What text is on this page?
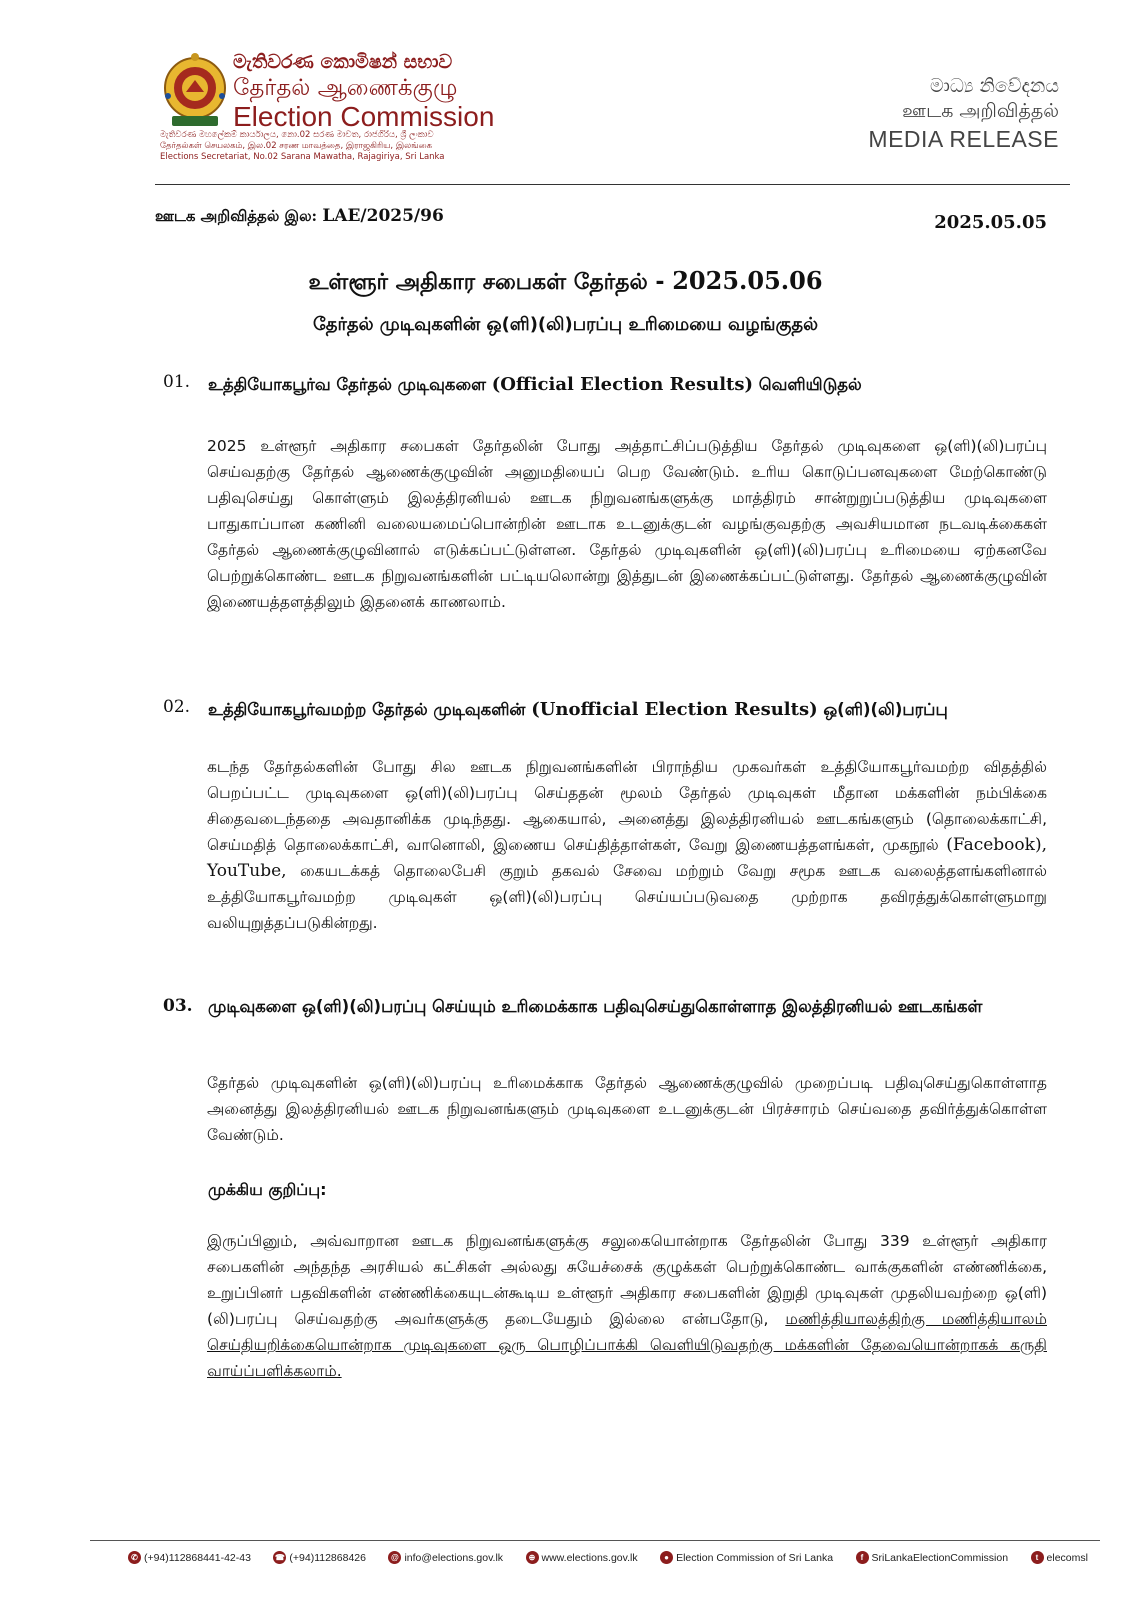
මැතිවරණ කොමිෂන් සභාව
தேர்தல் ஆணைக்குழு
Election Commission
මැතිවරණ මහලේකම් කාර්යාලය, නො.02 සරණ මාවත, රාජගිරිය, ශ්‍රී ලංකාව
தேர்தல்கள் செயலகம், இல.02 சரண மாவத்தை, இராஜகிரிய, இலங்கை
Elections Secretariat, No.02 Sarana Mawatha, Rajagiriya, Sri Lanka
මාධ්‍ය නිවේදනය
ஊடக அறிவித்தல்
MEDIA RELEASE
ஊடக அறிவித்தல் இல: LAE/2025/96	2025.05.05
உள்ளூர் அதிகார சபைகள் தேர்தல் - 2025.05.06
தேர்தல் முடிவுகளின் ஒ(ளி)(லி)பரப்பு உரிமையை வழங்குதல்
01. உத்தியோகபூர்வ தேர்தல் முடிவுகளை (Official Election Results) வெளியிடுதல்

2025 உள்ளூர் அதிகார சபைகள் தேர்தலின் போது அத்தாட்சிப்படுத்திய தேர்தல் முடிவுகளை ஒ(ளி)(லி)பரப்பு செய்வதற்கு தேர்தல் ஆணைக்குழுவின் அனுமதியைப் பெற வேண்டும். உரிய கொடுப்பனவுகளை மேற்கொண்டு பதிவுசெய்து கொள்ளும் இலத்திரனியல் ஊடக நிறுவனங்களுக்கு மாத்திரம் சான்றுறுப்படுத்திய முடிவுகளை பாதுகாப்பான கணினி வலையமைப்பொன்றின் ஊடாக உடனுக்குடன் வழங்குவதற்கு அவசியமான நடவடிக்கைகள் தேர்தல் ஆணைக்குழுவினால் எடுக்கப்பட்டுள்ளன. தேர்தல் முடிவுகளின் ஒ(ளி)(லி)பரப்பு உரிமையை ஏற்கனவே பெற்றுக்கொண்ட ஊடக நிறுவனங்களின் பட்டியலொன்று இத்துடன் இணைக்கப்பட்டுள்ளது. தேர்தல் ஆணைக்குழுவின் இணையத்தளத்திலும் இதனைக் காணலாம்.

02. உத்தியோகபூர்வமற்ற தேர்தல் முடிவுகளின் (Unofficial Election Results) ஒ(ளி)(லி)பரப்பு

கடந்த தேர்தல்களின் போது சில ஊடக நிறுவனங்களின் பிராந்திய முகவர்கள் உத்தியோகபூர்வமற்ற விதத்தில் பெறப்பட்ட முடிவுகளை ஒ(ளி)(லி)பரப்பு செய்ததன் மூலம் தேர்தல் முடிவுகள் மீதான மக்களின் நம்பிக்கை சிதைவடைந்ததை அவதானிக்க முடிந்தது. ஆகையால், அனைத்து இலத்திரனியல் ஊடகங்களும் (தொலைக்காட்சி, செய்மதித் தொலைக்காட்சி, வானொலி, இணைய செய்தித்தாள்கள், வேறு இணையத்தளங்கள், முகநூல் (Facebook), YouTube, கையடக்கத் தொலைபேசி குறும் தகவல் சேவை மற்றும் வேறு சமூக ஊடக வலைத்தளங்களினால் உத்தியோகபூர்வமற்ற முடிவுகள் ஒ(ளி)(லி)பரப்பு செய்யப்படுவதை முற்றாக தவிரத்துக்கொள்ளுமாறு வலியுறுத்தப்படுகின்றது.

03. முடிவுகளை ஒ(ளி)(லி)பரப்பு செய்யும் உரிமைக்காக பதிவுசெய்துகொள்ளாத இலத்திரனியல் ஊடகங்கள்

தேர்தல் முடிவுகளின் ஒ(ளி)(லி)பரப்பு உரிமைக்காக தேர்தல் ஆணைக்குழுவில் முறைப்படி பதிவுசெய்துகொள்ளாத அனைத்து இலத்திரனியல் ஊடக நிறுவனங்களும் முடிவுகளை உடனுக்குடன் பிரச்சாரம் செய்வதை தவிர்த்துக்கொள்ள வேண்டும்.

முக்கிய குறிப்பு:

இருப்பினும், அவ்வாறான ஊடக நிறுவனங்களுக்கு சலுகையொன்றாக தேர்தலின் போது 339 உள்ளூர் அதிகார சபைகளின் அந்தந்த அரசியல் கட்சிகள் அல்லது சுயேச்சைக் குழுக்கள் பெற்றுக்கொண்ட வாக்குகளின் எண்ணிக்கை, உறுப்பினர் பதவிகளின் எண்ணிக்கையுடன்கூடிய உள்ளூர் அதிகார சபைகளின் இறுதி முடிவுகள் முதலியவற்றை ஒ(ளி)(லி)பரப்பு செய்வதற்கு அவர்களுக்கு தடையேதும் இல்லை என்பதோடு, மணித்தியாலத்திற்கு மணித்தியாலம் செய்தியறிக்கையொன்றாக முடிவுகளை ஒரு பொழிப்பாக்கி வெளியிடுவதற்கு மக்களின் தேவையொன்றாகக் கருதி வாய்ப்பளிக்கலாம்.

✆ (+94)112868441-42-43	☎ (+94)112868426	@ info@elections.gov.lk	⊕ www.elections.gov.lk	● Election Commission of Sri Lanka	f SriLankaElectionCommission	t elecomsl
